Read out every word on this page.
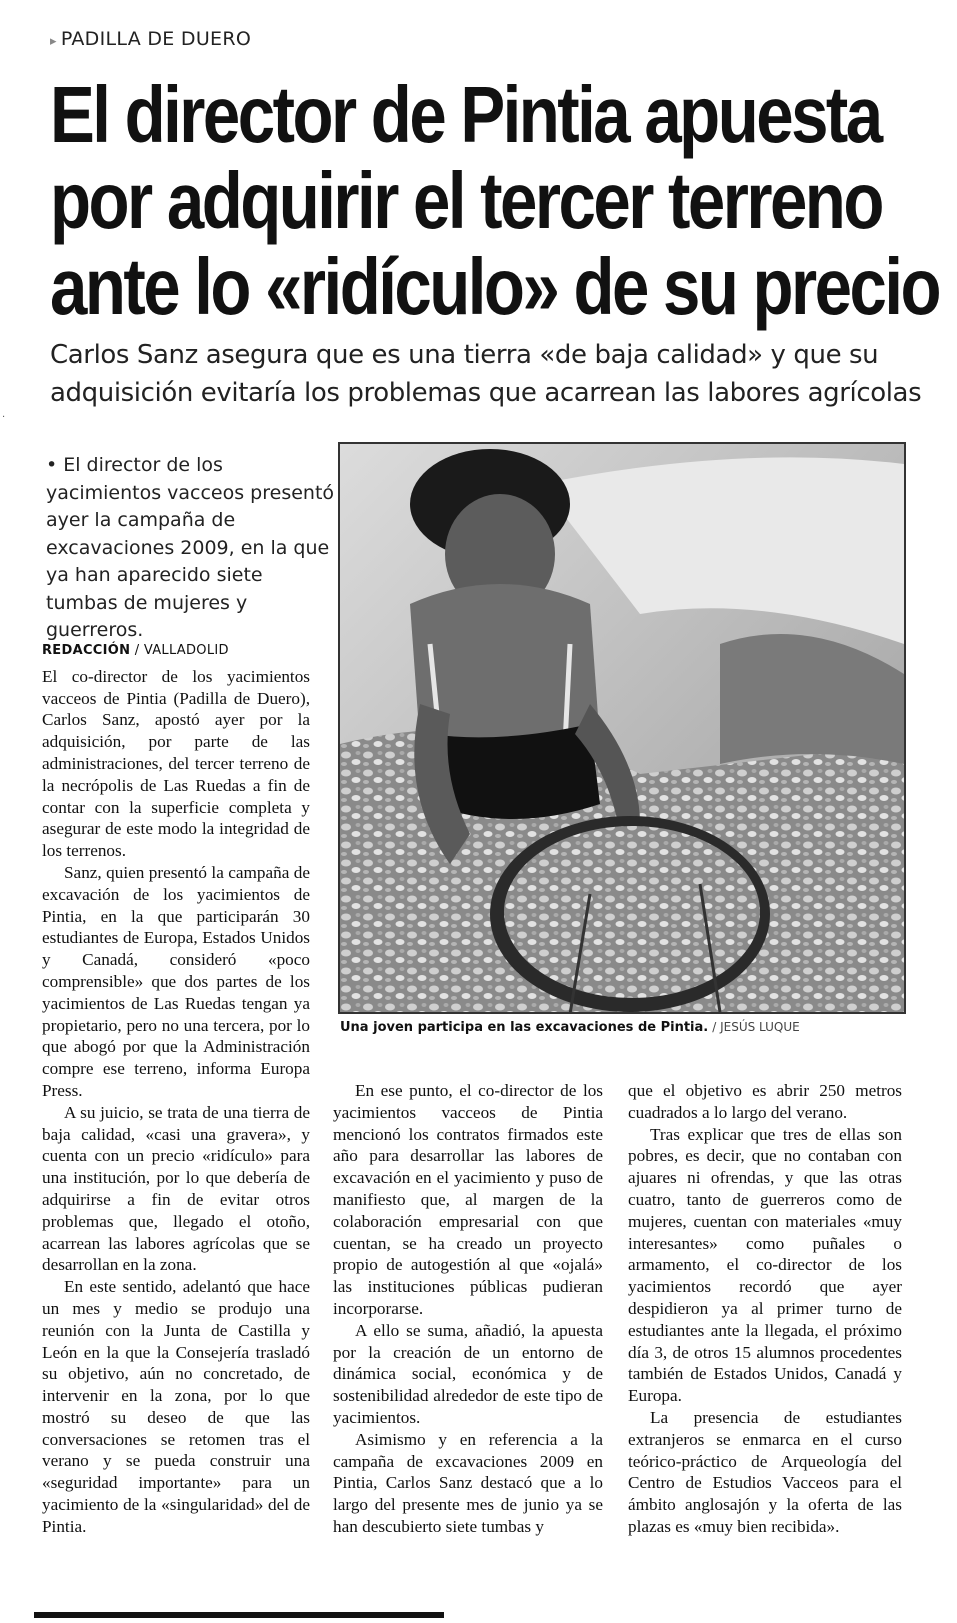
▸ PADILLA DE DUERO
El director de Pintia apuesta
por adquirir el tercer terreno
ante lo «ridículo» de su precio
Carlos Sanz asegura que es una tierra «de baja calidad» y que su adquisición evitaría los problemas que acarrean las labores agrícolas
• El director de los yacimientos vacceos presentó ayer la campaña de excavaciones 2009, en la que ya han aparecido siete tumbas de mujeres y guerreros.
Una joven participa en las excavaciones de Pintia. / JESÚS LUQUE
REDACCIÓN / VALLADOLID

El co-director de los yacimientos vacceos de Pintia (Padilla de Duero), Carlos Sanz, apostó ayer por la adquisición, por parte de las administraciones, del tercer terreno de la necrópolis de Las Ruedas a fin de contar con la superficie completa y asegurar de este modo la integridad de los terrenos.

Sanz, quien presentó la campaña de excavación de los yacimientos de Pintia, en la que participarán 30 estudiantes de Europa, Estados Unidos y Canadá, consideró «poco comprensible» que dos partes de los yacimientos de Las Ruedas tengan ya propietario, pero no una tercera, por lo que abogó por que la Administración compre ese terreno, informa Europa Press.

A su juicio, se trata de una tierra de baja calidad, «casi una gravera», y cuenta con un precio «ridículo» para una institución, por lo que debería de adquirirse a fin de evitar otros problemas que, llegado el otoño, acarrean las labores agrícolas que se desarrollan en la zona.

En este sentido, adelantó que hace un mes y medio se produjo una reunión con la Junta de Castilla y León en la que la Consejería trasladó su objetivo, aún no concretado, de intervenir en la zona, por lo que mostró su deseo de que las conversaciones se retomen tras el verano y se pueda construir una «seguridad importante» para un yacimiento de la «singularidad» del de Pintia.

En ese punto, el co-director de los yacimientos vacceos de Pintia mencionó los contratos firmados este año para desarrollar las labores de excavación en el yacimiento y puso de manifiesto que, al margen de la colaboración empresarial con que cuentan, se ha creado un proyecto propio de autogestión al que «ojalá» las instituciones públicas pudieran incorporarse.

A ello se suma, añadió, la apuesta por la creación de un entorno de dinámica social, económica y de sostenibilidad alrededor de este tipo de yacimientos.

Asimismo y en referencia a la campaña de excavaciones 2009 en Pintia, Carlos Sanz destacó que a lo largo del presente mes de junio ya se han descubierto siete tumbas y

que el objetivo es abrir 250 metros cuadrados a lo largo del verano.

Tras explicar que tres de ellas son pobres, es decir, que no contaban con ajuares ni ofrendas, y que las otras cuatro, tanto de guerreros como de mujeres, cuentan con materiales «muy interesantes» como puñales o armamento, el co-director de los yacimientos recordó que ayer despidieron ya al primer turno de estudiantes ante la llegada, el próximo día 3, de otros 15 alumnos procedentes también de Estados Unidos, Canadá y Europa.

La presencia de estudiantes extranjeros se enmarca en el curso teórico-práctico de Arqueología del Centro de Estudios Vacceos para el ámbito anglosajón y la oferta de las plazas es «muy bien recibida».

·
